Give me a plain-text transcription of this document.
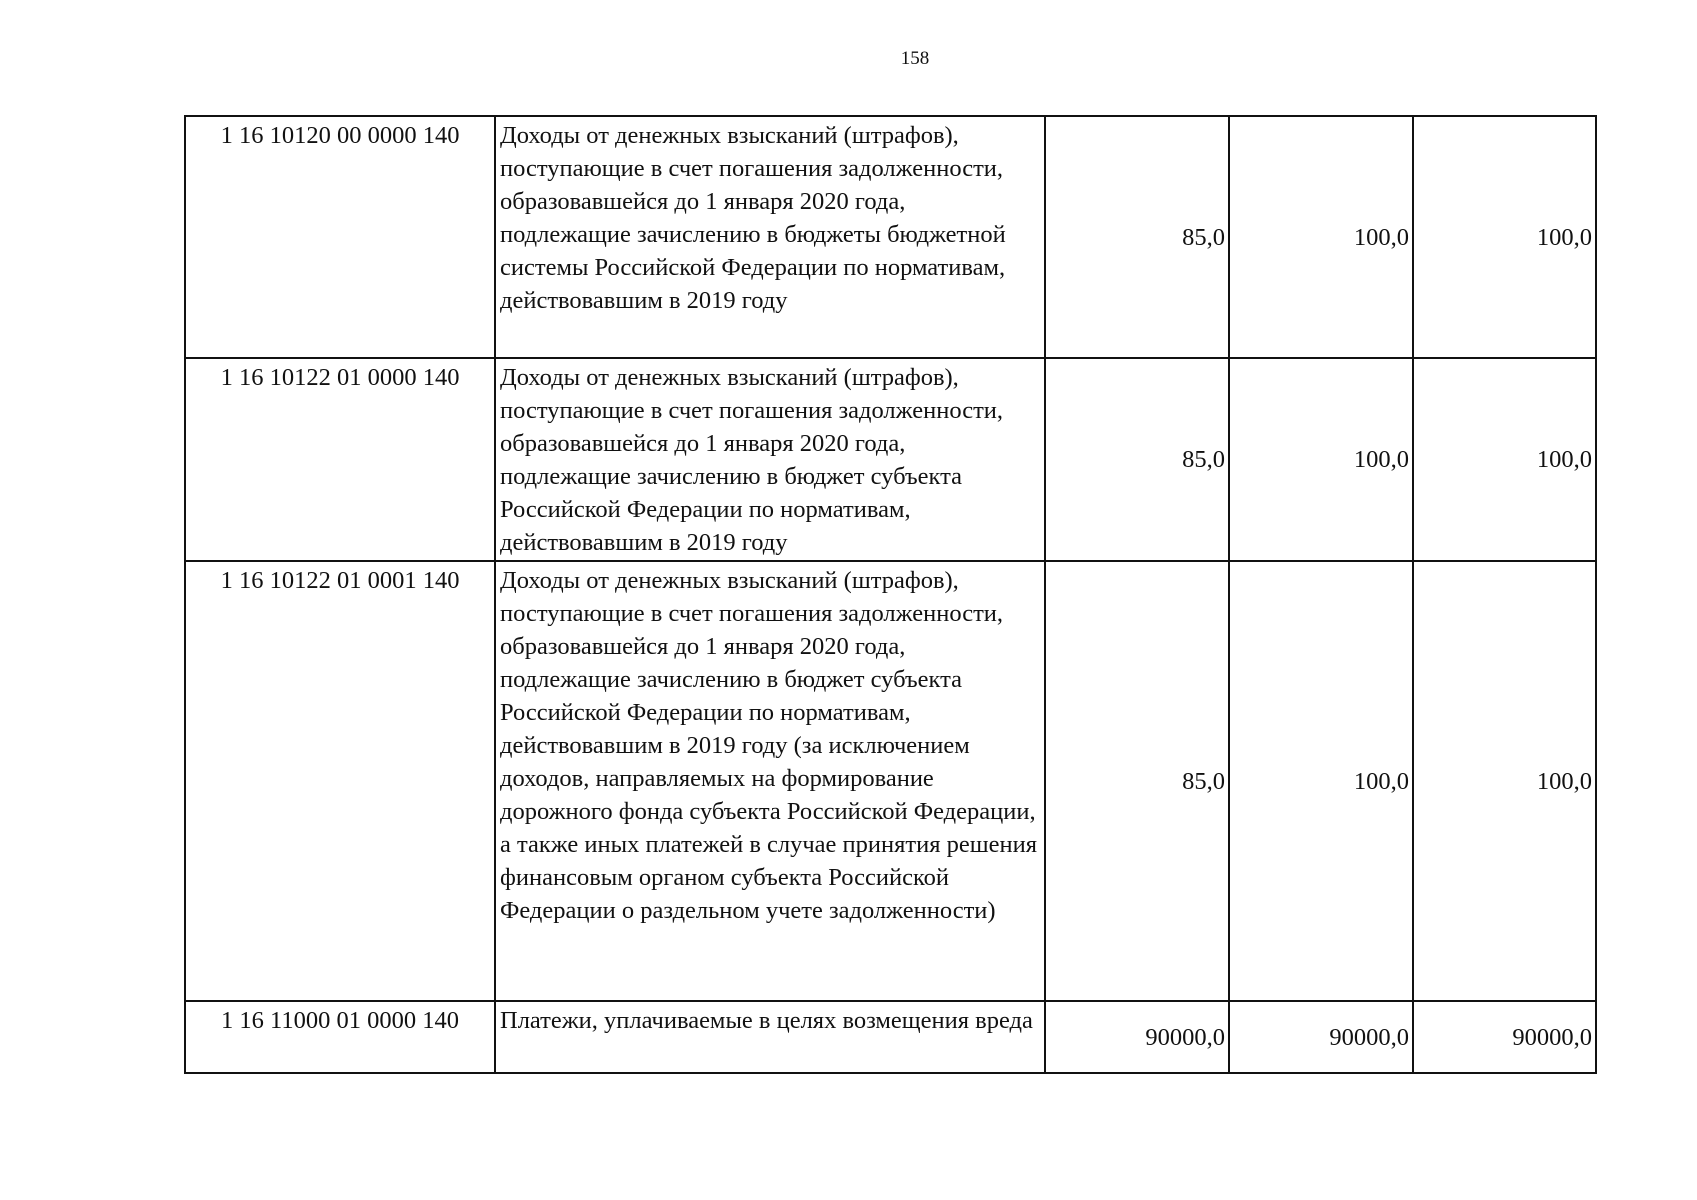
158
1 16 10120 00 0000 140	Доходы от денежных взысканий (штрафов), поступающие в счет погашения задолженности, образовавшейся до 1 января 2020 года, подлежащие зачислению в бюджеты бюджетной системы Российской Федерации по нормативам, действовавшим в 2019 году	85,0	100,0	100,0
1 16 10122 01 0000 140	Доходы от денежных взысканий (штрафов), поступающие в счет погашения задолженности, образовавшейся до 1 января 2020 года, подлежащие зачислению в бюджет субъекта Российской Федерации по нормативам, действовавшим в 2019 году	85,0	100,0	100,0
1 16 10122 01 0001 140	Доходы от денежных взысканий (штрафов), поступающие в счет погашения задолженности, образовавшейся до 1 января 2020 года, подлежащие зачислению в бюджет субъекта Российской Федерации по нормативам, действовавшим в 2019 году (за исключением доходов, направляемых на формирование дорожного фонда субъекта Российской Федерации, а также иных платежей в случае принятия решения финансовым органом субъекта Российской Федерации о раздельном учете задолженности)	85,0	100,0	100,0
1 16 11000 01 0000 140	Платежи, уплачиваемые в целях возмещения вреда	90000,0	90000,0	90000,0
